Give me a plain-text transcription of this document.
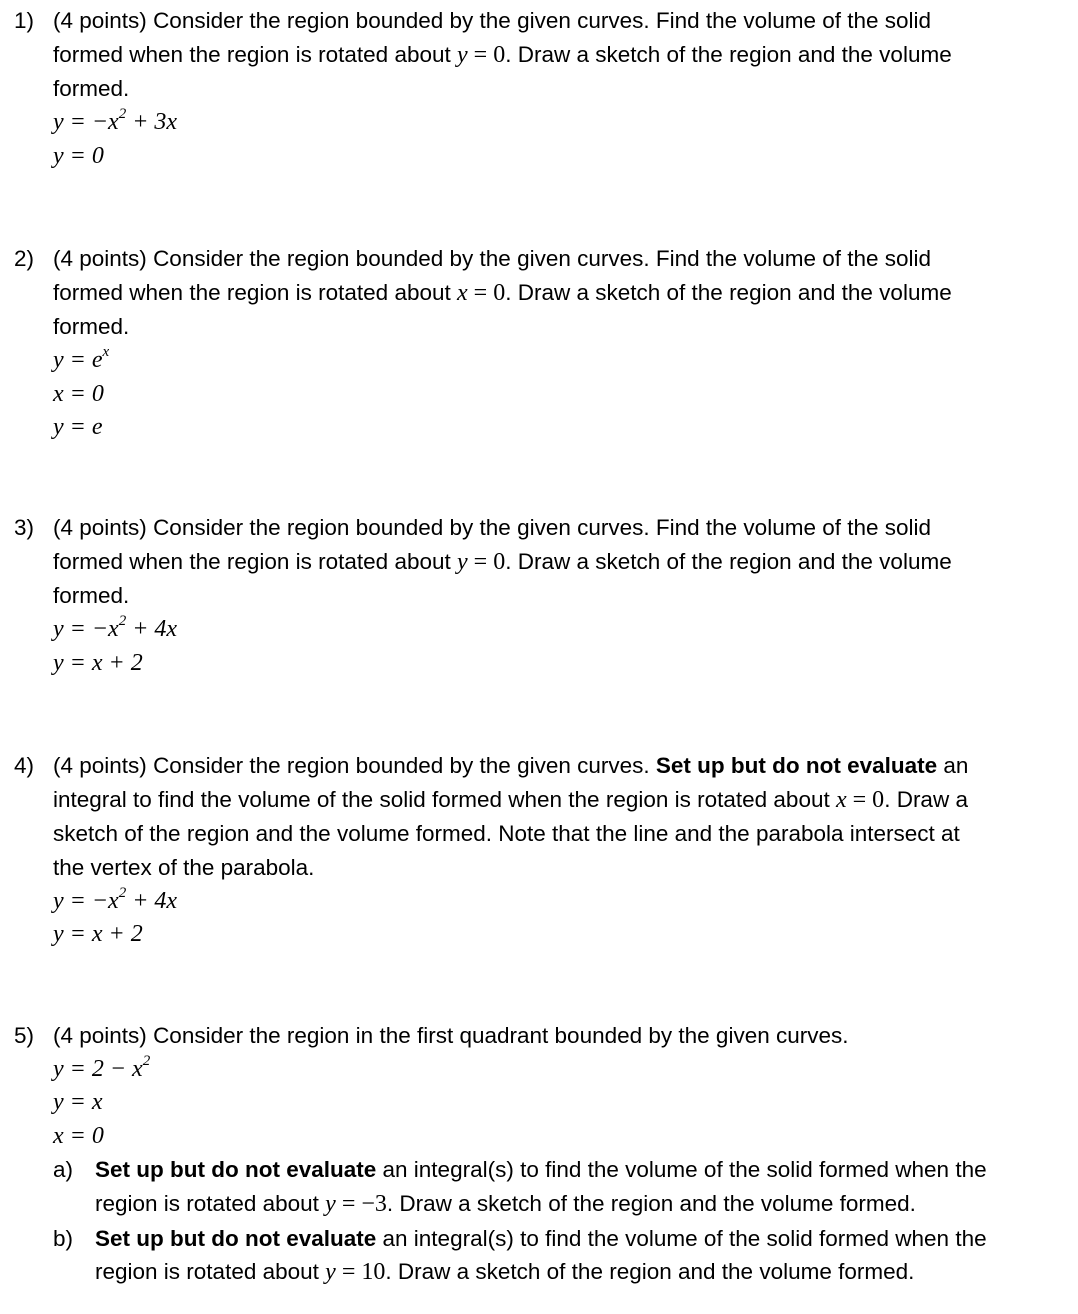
1) (4 points) Consider the region bounded by the given curves. Find the volume of the solid
formed when the region is rotated about y = 0. Draw a sketch of the region and the volume
formed.
$y = -x^2 + 3x$
y = 0
2) (4 points) Consider the region bounded by the given curves. Find the volume of the solid
formed when the region is rotated about x = 0. Draw a sketch of the region and the volume
formed.
$y = e^x$
x = 0
y = e
3) (4 points) Consider the region bounded by the given curves. Find the volume of the solid
formed when the region is rotated about y = 0. Draw a sketch of the region and the volume
formed.
$y = -x^2 + 4x$
y = x + 2
4) (4 points) Consider the region bounded by the given curves. Set up but do not evaluate an
integral to find the volume of the solid formed when the region is rotated about x = 0. Draw a
sketch of the region and the volume formed. Note that the line and the parabola intersect at
the vertex of the parabola.
$y = -x^2 + 4x$
y = x + 2
5) (4 points) Consider the region in the first quadrant bounded by the given curves.
$y = 2 - x^2$
y = x
x = 0
a) Set up but do not evaluate an integral(s) to find the volume of the solid formed when the
region is rotated about y = −3. Draw a sketch of the region and the volume formed.
b) Set up but do not evaluate an integral(s) to find the volume of the solid formed when the
region is rotated about y = 10. Draw a sketch of the region and the volume formed.
